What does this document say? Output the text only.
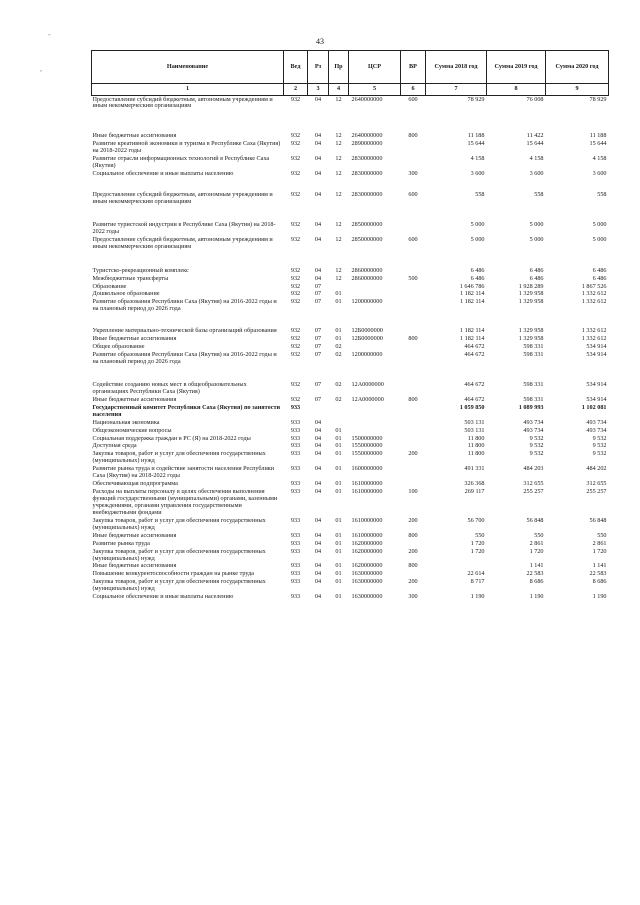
-
,
43
Наименование	Вед	Рз	Пр	ЦСР	ВР	Сумма 2018 год	Сумма 2019 год	Сумма 2020 год
1	2	3	4	5	6	7	8	9
Предоставление субсидий бюджетным, автономным учреждениям и иным некоммерческим организациям	932	04	12	2640000000	600	78 929	76 008	78 929
Иные бюджетные ассигнования	932	04	12	2640000000	800	11 188	11 422	11 188
Развитие креативной экономики и туризма в Республике Саха (Якутия) на 2018-2022 годы	932	04	12	2890000000		15 644	15 644	15 644
Развитие отрасли информационных технологий в Республике Саха (Якутия)	932	04	12	2830000000		4 158	4 158	4 158
Социальное обеспечение и иные выплаты населению	932	04	12	2830000000	300	3 600	3 600	3 600
Предоставление субсидий бюджетным, автономным учреждениям и иным некоммерческим организациям	932	04	12	2830000000	600	558	558	558
Развитие туристской индустрии в Республике Саха (Якутия) на 2018-2022 годы	932	04	12	2850000000		5 000	5 000	5 000
Предоставление субсидий бюджетным, автономным учреждениям и иным некоммерческим организациям	932	04	12	2850000000	600	5 000	5 000	5 000
Туристско-рекреационный комплекс	932	04	12	2860000000		6 486	6 486	6 486
Межбюджетные трансферты	932	04	12	2860000000	500	6 486	6 486	6 486
Образование	932	07				1 646 786	1 928 289	1 867 526
Дошкольное образование	932	07	01			1 182 114	1 329 958	1 332 612
Развитие образования Республики Саха (Якутия) на 2016-2022 годы и на плановый период до 2026 года	932	07	01	1200000000		1 182 114	1 329 958	1 332 612
Укрепление материально-технической базы организаций образования	932	07	01	12Б0000000		1 182 114	1 329 958	1 332 612
Иные бюджетные ассигнования	932	07	01	12Б0000000	800	1 182 114	1 329 958	1 332 612
Общее образование	932	07	02			464 672	598 331	534 914
Развитие образования Республики Саха (Якутия) на 2016-2022 годы и на плановый период до 2026 года	932	07	02	1200000000		464 672	598 331	534 914
Содействие созданию новых мест в общеобразовательных организациях Республики Саха (Якутия)	932	07	02	12А0000000		464 672	598 331	534 914
Иные бюджетные ассигнования	932	07	02	12А0000000	800	464 672	598 331	534 914
Государственный комитет Республики Саха (Якутия) по занятости населения	933					1 059 850	1 089 993	1 102 081
Национальная экономика	933	04				503 131	493 734	493 734
Общеэкономические вопросы	933	04	01			503 131	493 734	493 734
Социальная поддержка граждан в РС (Я) на 2018-2022 годы	933	04	01	1500000000		11 800	9 532	9 532
Доступная среда	933	04	01	1550000000		11 800	9 532	9 532
Закупка товаров, работ и услуг для обеспечения государственных (муниципальных) нужд	933	04	01	1550000000	200	11 800	9 532	9 532
Развитие рынка труда и содействие занятости населения Республики Саха (Якутия) на 2018-2022 годы	933	04	01	1600000000		491 331	484 203	484 202
Обеспечивающая подпрограмма	933	04	01	1610000000		326 368	312 655	312 655
Расходы на выплаты персоналу в целях обеспечения выполнения функций государственными (муниципальными) органами, казенными учреждениями, органами управления государственными внебюджетными фондами	933	04	01	1610000000	100	269 117	255 257	255 257
Закупка товаров, работ и услуг для обеспечения государственных (муниципальных) нужд	933	04	01	1610000000	200	56 700	56 848	56 848
Иные бюджетные ассигнования	933	04	01	1610000000	800	550	550	550
Развитие рынка труда	933	04	01	1620000000		1 720	2 861	2 861
Закупка товаров, работ и услуг для обеспечения государственных (муниципальных) нужд	933	04	01	1620000000	200	1 720	1 720	1 720
Иные бюджетные ассигнования	933	04	01	1620000000	800		1 141	1 141
Повышение конкурентоспособности граждан на рынке труда	933	04	01	1630000000		22 614	22 583	22 583
Закупка товаров, работ и услуг для обеспечения государственных (муниципальных) нужд	933	04	01	1630000000	200	8 717	8 686	8 686
Социальное обеспечение и иные выплаты населению	933	04	01	1630000000	300	1 190	1 190	1 190
